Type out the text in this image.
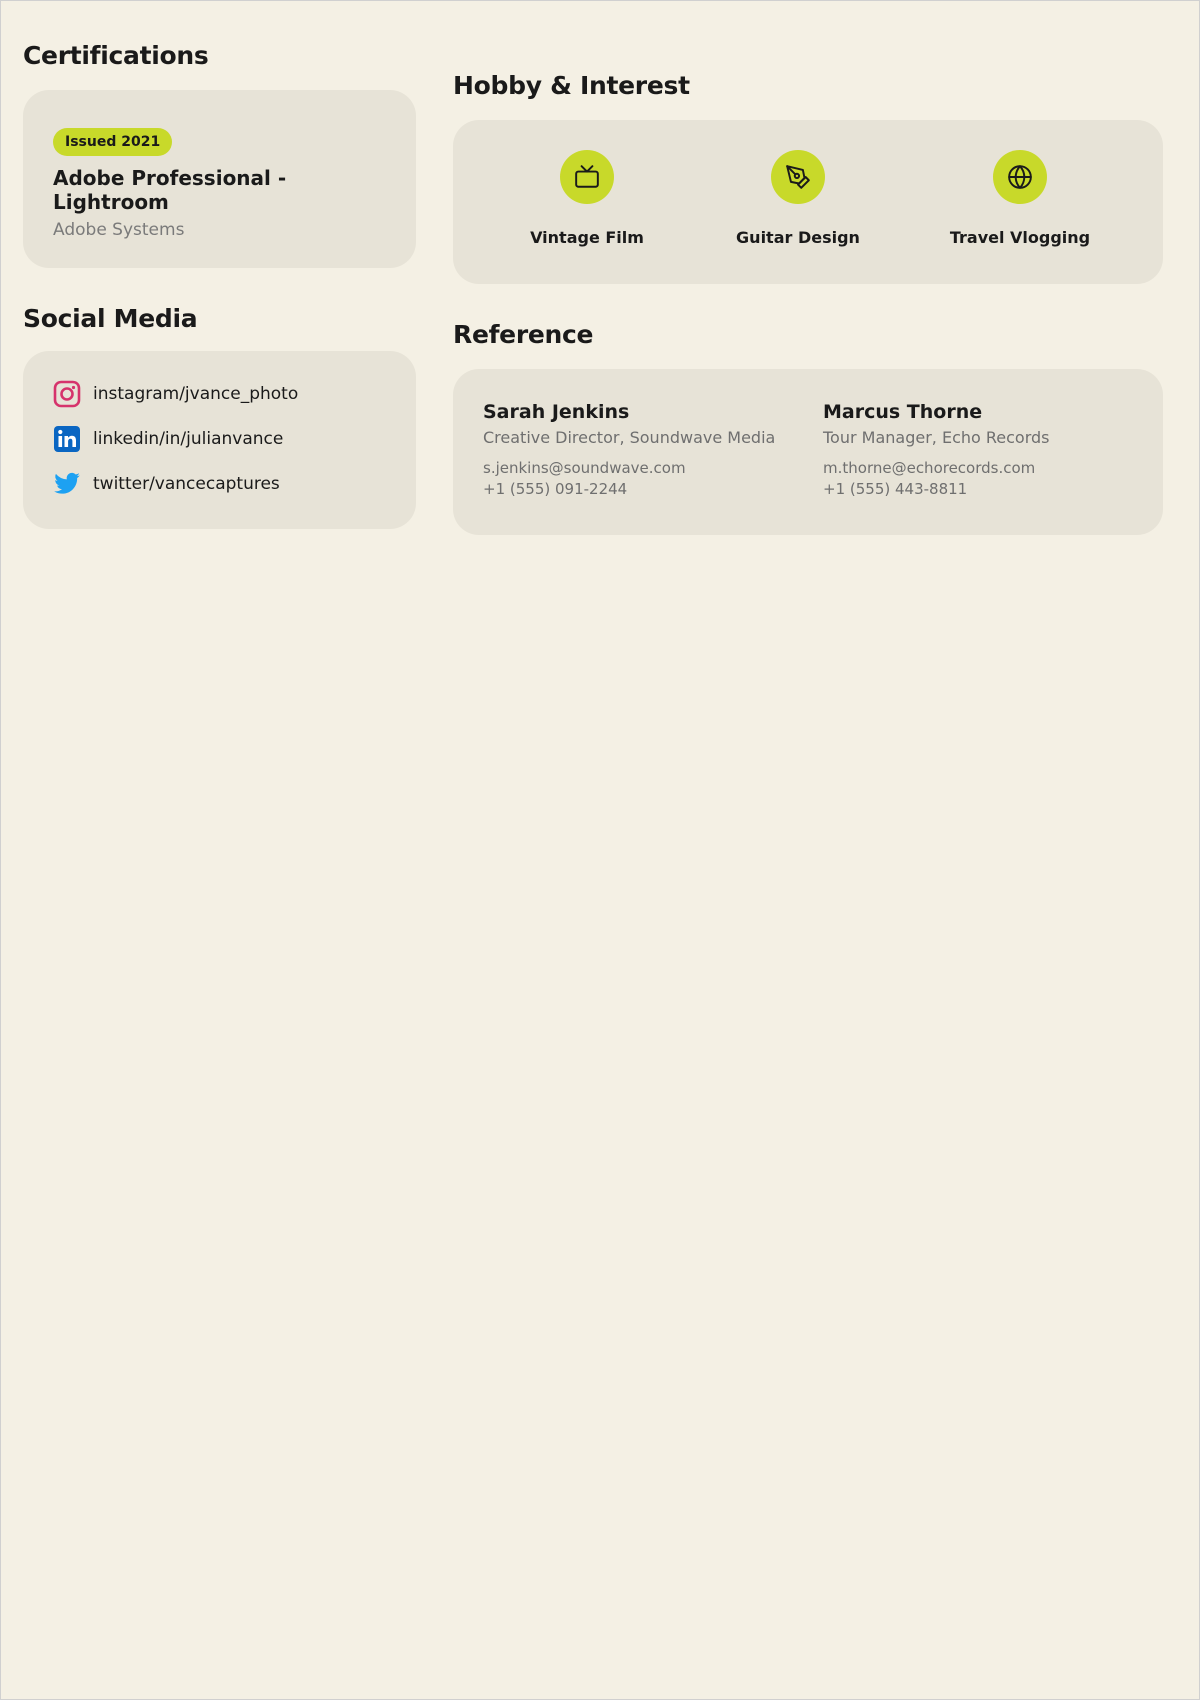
Certifications
Issued 2021
Adobe Professional - Lightroom
Adobe Systems
Social Media
instagram/jvance_photo
linkedin/in/julianvance
twitter/vancecaptures
Hobby & Interest
Vintage Film	Guitar Design	Travel Vlogging
Reference
Sarah Jenkins
Creative Director, Soundwave Media
s.jenkins@soundwave.com
+1 (555) 091-2244
Marcus Thorne
Tour Manager, Echo Records
m.thorne@echorecords.com
+1 (555) 443-8811
